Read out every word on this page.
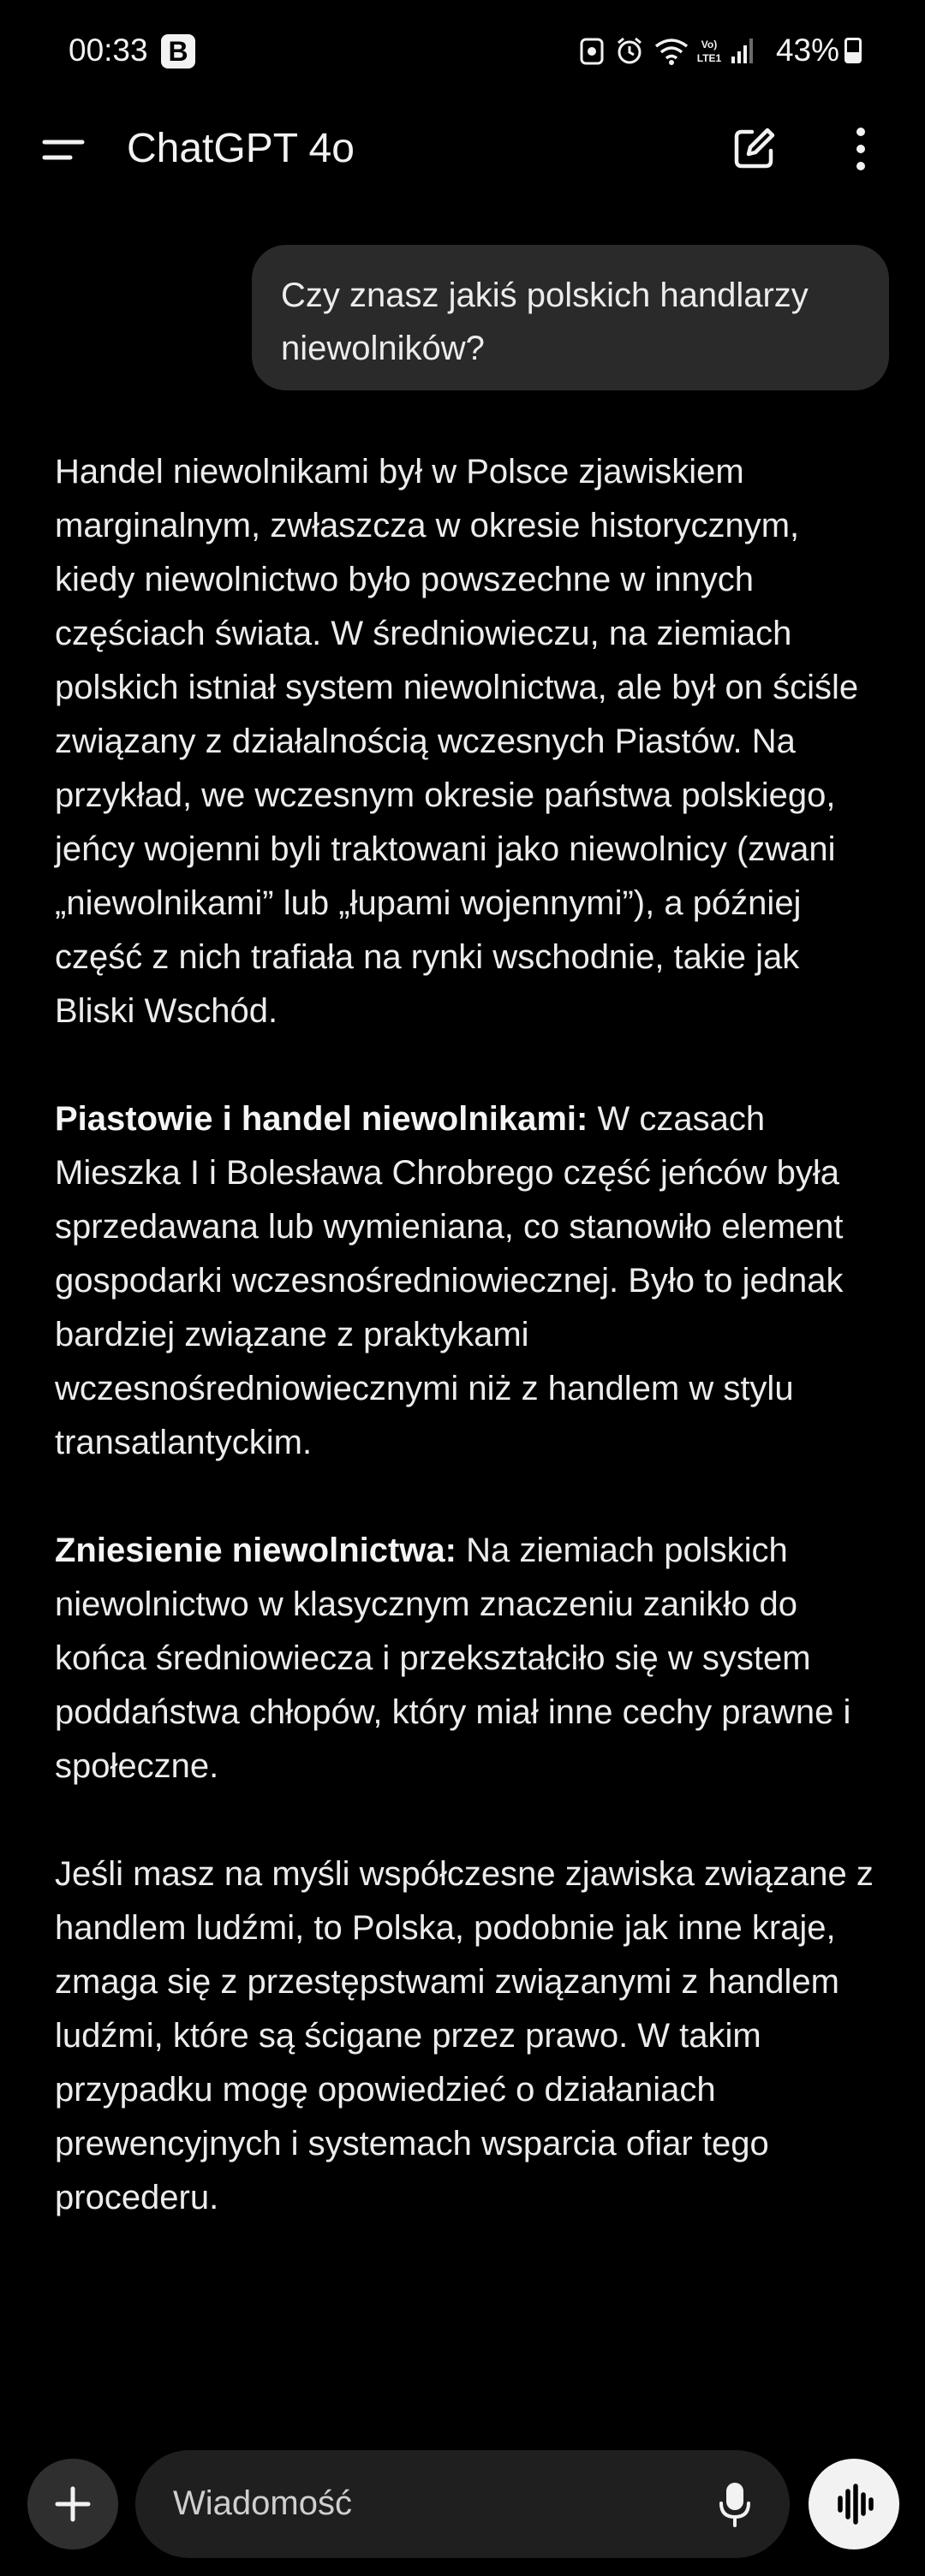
00:33 B	Vo)
LTE1 43%
ChatGPT 4o
Czy znasz jakiś polskich handlarzy niewolników?

Handel niewolnikami był w Polsce zjawiskiem marginalnym, zwłaszcza w okresie historycznym, kiedy niewolnictwo było powszechne w innych częściach świata. W średniowieczu, na ziemiach polskich istniał system niewolnictwa, ale był on ściśle związany z działalnością wczesnych Piastów. Na przykład, we wczesnym okresie państwa polskiego, jeńcy wojenni byli traktowani jako niewolnicy (zwani „niewolnikami” lub „łupami wojennymi”), a później część z nich trafiała na rynki wschodnie, takie jak Bliski Wschód.

Piastowie i handel niewolnikami: W czasach Mieszka I i Bolesława Chrobrego część jeńców była sprzedawana lub wymieniana, co stanowiło element gospodarki wczesnośredniowiecznej. Było to jednak bardziej związane z praktykami wczesnośredniowiecznymi niż z handlem w stylu transatlantyckim.

Zniesienie niewolnictwa: Na ziemiach polskich niewolnictwo w klasycznym znaczeniu zanikło do końca średniowiecza i przekształciło się w system poddaństwa chłopów, który miał inne cechy prawne i społeczne.

Jeśli masz na myśli współczesne zjawiska związane z handlem ludźmi, to Polska, podobnie jak inne kraje, zmaga się z przestępstwami związanymi z handlem ludźmi, które są ścigane przez prawo. W takim przypadku mogę opowiedzieć o działaniach prewencyjnych i systemach wsparcia ofiar tego procederu.

Wiadomość
